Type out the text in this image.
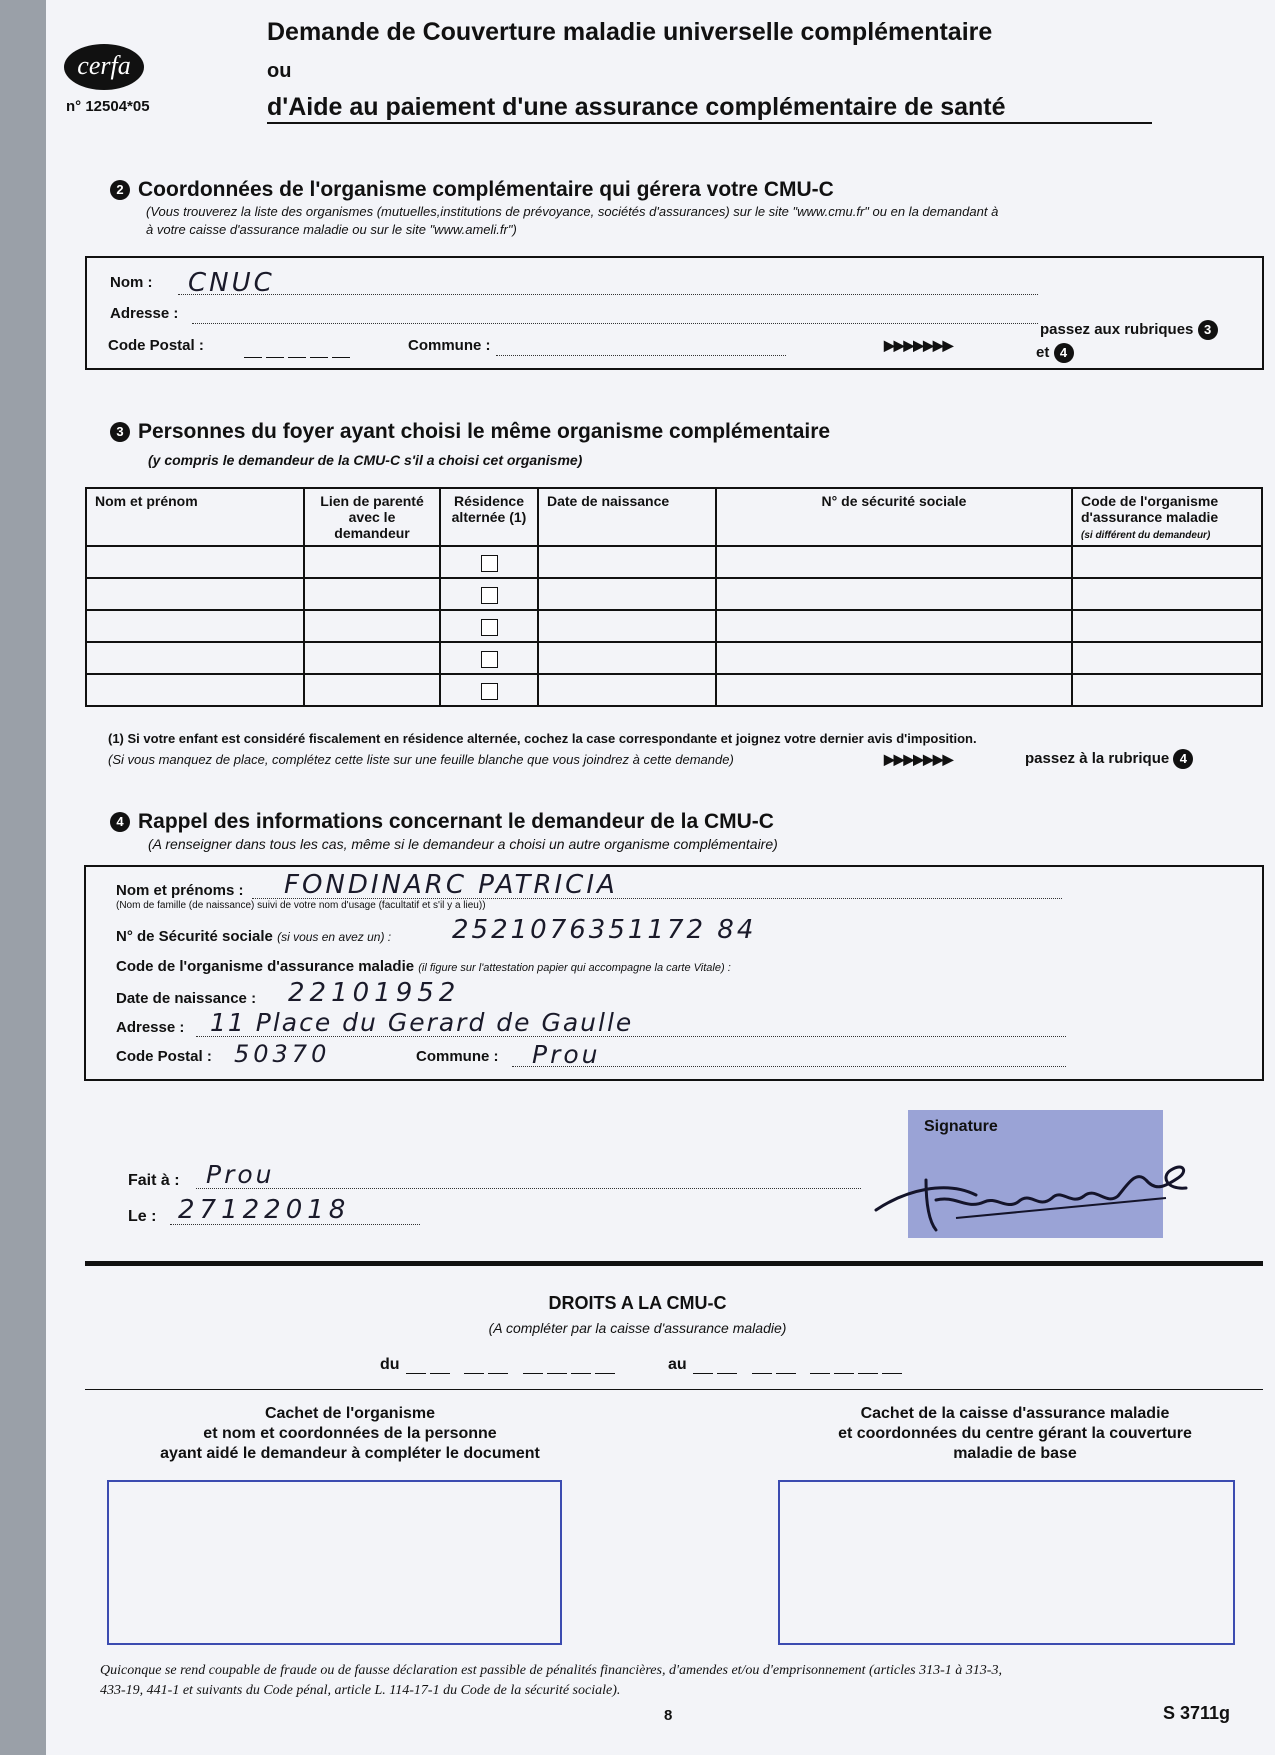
cerfa
n° 12504*05
Demande de Couverture maladie universelle complémentaire
ou
d'Aide au paiement d'une assurance complémentaire de santé
2 Coordonnées de l'organisme complémentaire qui gérera votre CMU-C
(Vous trouverez la liste des organismes (mutuelles,institutions de prévoyance, sociétés d'assurances) sur le site "www.cmu.fr" ou en la demandant à
à votre caisse d'assurance maladie ou sur le site "www.ameli.fr")
Nom : CNUC
Adresse :
Code Postal :	Commune :	▶▶▶▶▶▶▶
passez aux rubriques 3
et 4
3 Personnes du foyer ayant choisi le même organisme complémentaire
(y compris le demandeur de la CMU-C s'il a choisi cet organisme)
Nom et prénom	Lien de parenté avec le demandeur	Résidence alternée (1)	Date de naissance	N° de sécurité sociale	Code de l'organisme d'assurance maladie
(si différent du demandeur)

(1) Si votre enfant est considéré fiscalement en résidence alternée, cochez la case correspondante et joignez votre dernier avis d'imposition.
(Si vous manquez de place, complétez cette liste sur une feuille blanche que vous joindrez à cette demande)	▶▶▶▶▶▶▶	passez à la rubrique 4
4 Rappel des informations concernant le demandeur de la CMU-C
(A renseigner dans tous les cas, même si le demandeur a choisi un autre organisme complémentaire)
Nom et prénoms :
(Nom de famille (de naissance) suivi de votre nom d'usage (facultatif et s'il y a lieu))
FONDINARC PATRICIA
N° de Sécurité sociale (si vous en avez un) : 2521076351172 84
Code de l'organisme d'assurance maladie (il figure sur l'attestation papier qui accompagne la carte Vitale) :
Date de naissance : 22101952
Adresse : 11 Place du Gerard de Gaulle
Code Postal : 50370	Commune : Prou
Fait à : Prou
Le : 27122018
Signature
DROITS A LA CMU-C
(A compléter par la caisse d'assurance maladie)
du	au
Cachet de l'organisme
et nom et coordonnées de la personne
ayant aidé le demandeur à compléter le document
Cachet de la caisse d'assurance maladie
et coordonnées du centre gérant la couverture
maladie de base
Quiconque se rend coupable de fraude ou de fausse déclaration est passible de pénalités financières, d'amendes et/ou d'emprisonnement (articles 313-1 à 313-3,
433-19, 441-1 et suivants du Code pénal, article L. 114-17-1 du Code de la sécurité sociale).
8	S 3711g
